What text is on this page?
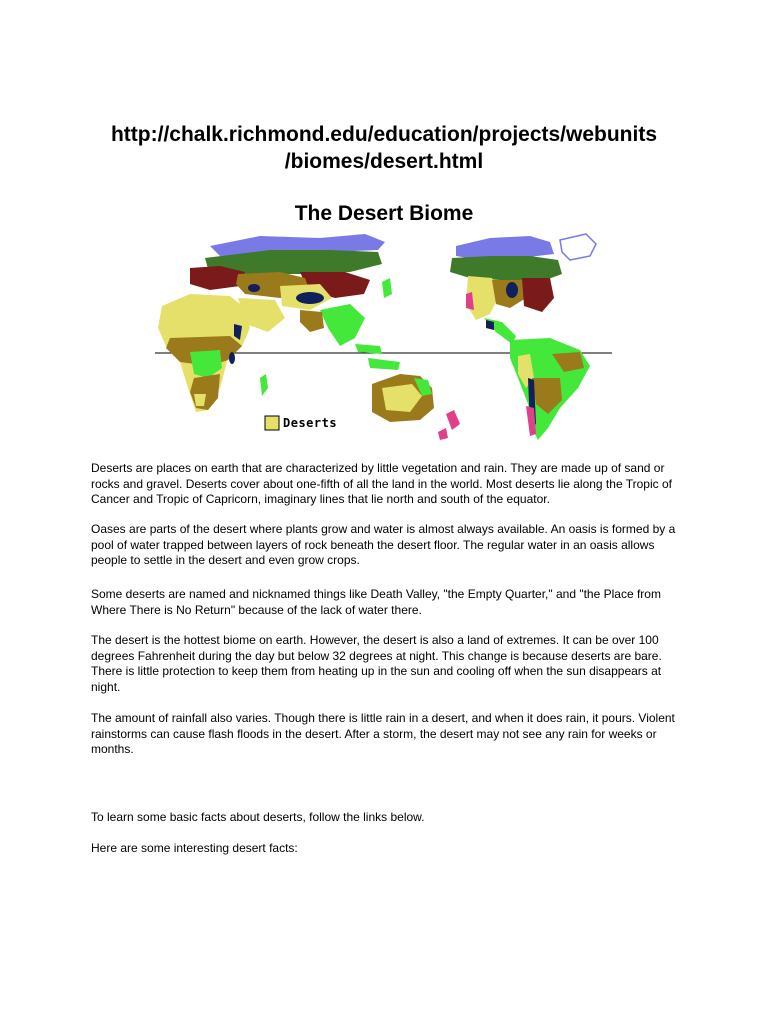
http://chalk.richmond.edu/education/projects/webunits
/biomes/desert.html
The Desert Biome
Deserts

Deserts are places on earth that are characterized by little vegetation and rain. They are made up of sand or rocks and gravel. Deserts cover about one-fifth of all the land in the world. Most deserts lie along the Tropic of Cancer and Tropic of Capricorn, imaginary lines that lie north and south of the equator.

Oases are parts of the desert where plants grow and water is almost always available. An oasis is formed by a pool of water trapped between layers of rock beneath the desert floor. The regular water in an oasis allows people to settle in the desert and even grow crops.

Some deserts are named and nicknamed things like Death Valley, "the Empty Quarter," and "the Place from Where There is No Return" because of the lack of water there.

The desert is the hottest biome on earth. However, the desert is also a land of extremes. It can be over 100 degrees Fahrenheit during the day but below 32 degrees at night. This change is because deserts are bare. There is little protection to keep them from heating up in the sun and cooling off when the sun disappears at night.

The amount of rainfall also varies. Though there is little rain in a desert, and when it does rain, it pours. Violent rainstorms can cause flash floods in the desert. After a storm, the desert may not see any rain for weeks or months.

To learn some basic facts about deserts, follow the links below.

Here are some interesting desert facts:
